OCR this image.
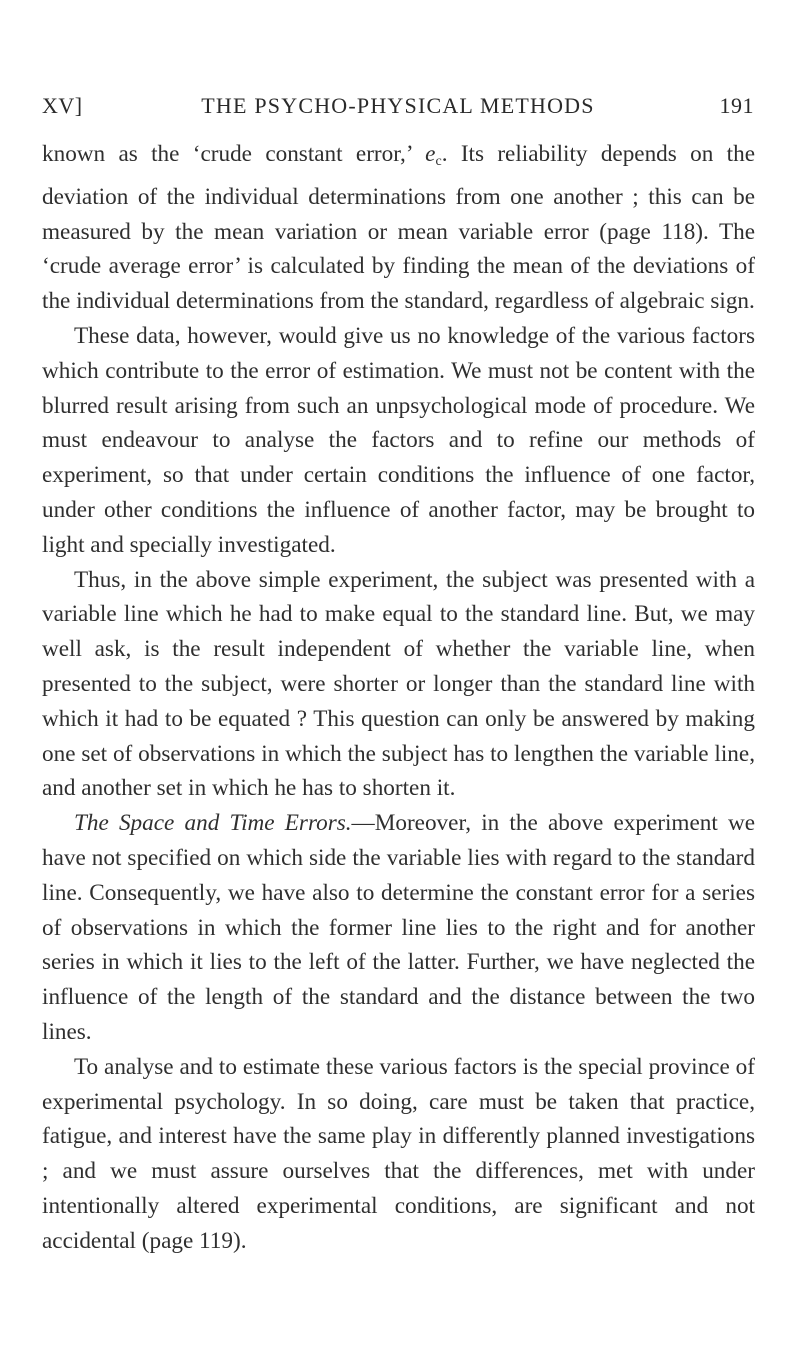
XV]	THE PSYCHO-PHYSICAL METHODS	191

known as the ‘crude constant error,’ $e_c$. Its reliability depends on the deviation of the individual determinations from one another ; this can be measured by the mean variation or mean variable error (page 118). The ‘crude average error’ is calculated by finding the mean of the deviations of the individual determinations from the standard, regardless of algebraic sign.

These data, however, would give us no knowledge of the various factors which contribute to the error of estimation. We must not be content with the blurred result arising from such an unpsychological mode of procedure. We must endeavour to analyse the factors and to refine our methods of experiment, so that under certain conditions the influence of one factor, under other conditions the influence of another factor, may be brought to light and specially investigated.

Thus, in the above simple experiment, the subject was presented with a variable line which he had to make equal to the standard line. But, we may well ask, is the result independent of whether the variable line, when presented to the subject, were shorter or longer than the standard line with which it had to be equated ? This question can only be answered by making one set of observations in which the subject has to lengthen the variable line, and another set in which he has to shorten it.

The Space and Time Errors.—Moreover, in the above experiment we have not specified on which side the variable lies with regard to the standard line. Consequently, we have also to determine the constant error for a series of observations in which the former line lies to the right and for another series in which it lies to the left of the latter. Further, we have neglected the influence of the length of the standard and the distance between the two lines.

To analyse and to estimate these various factors is the special province of experimental psychology. In so doing, care must be taken that practice, fatigue, and interest have the same play in differently planned investigations ; and we must assure ourselves that the differences, met with under intentionally altered experimental conditions, are significant and not accidental (page 119).
